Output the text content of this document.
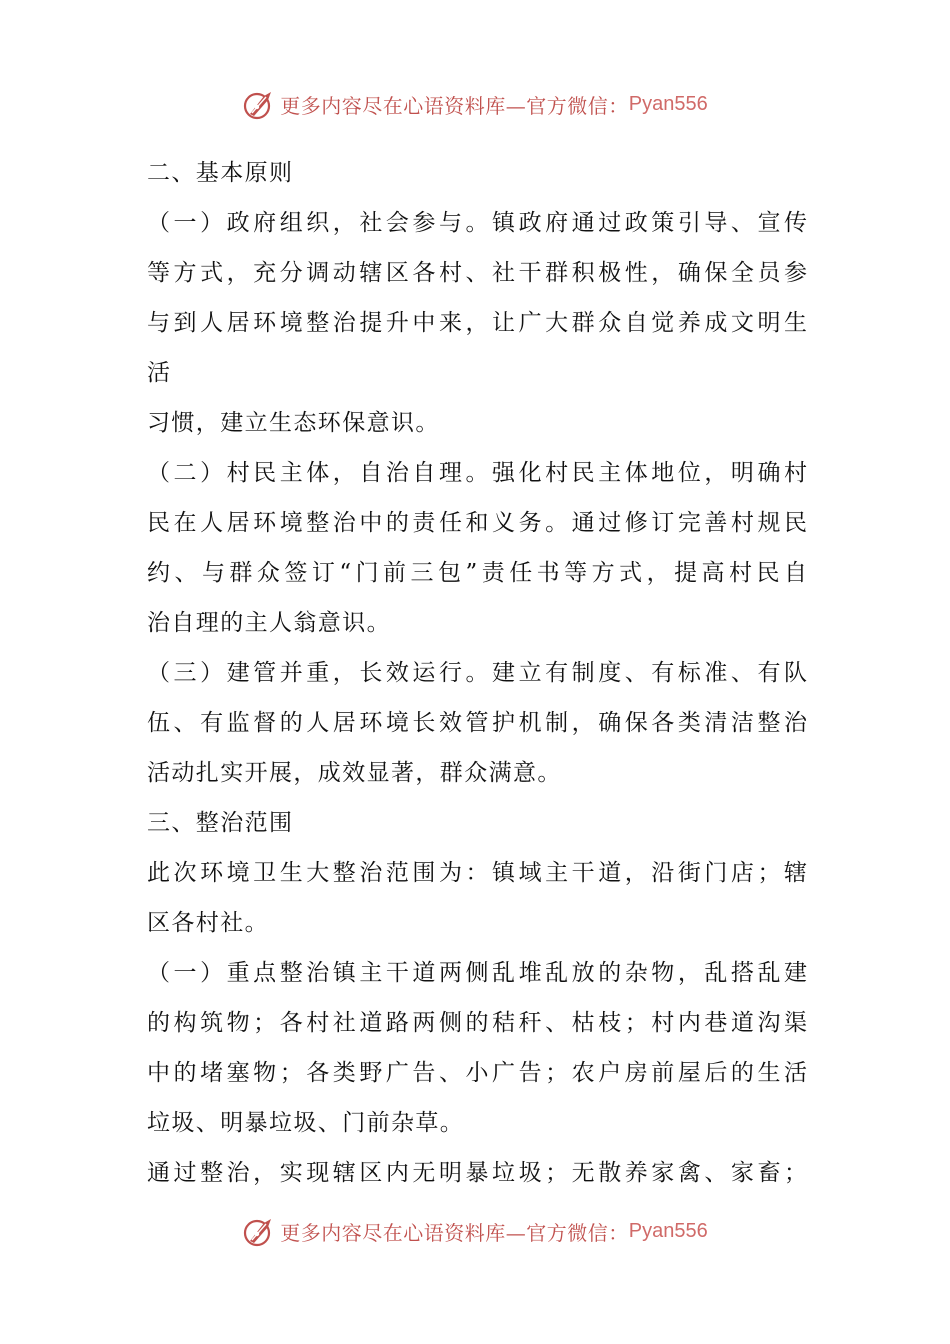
更多内容尽在心语资料库—官方微信： Pyan556
二、基本原则
（一）政府组织，社会参与。镇政府通过政策引导、宣传
等方式，充分调动辖区各村、社干群积极性，确保全员参
与到人居环境整治提升中来，让广大群众自觉养成文明生
活
习惯，建立生态环保意识。
（二）村民主体，自治自理。强化村民主体地位，明确村
民在人居环境整治中的责任和义务。通过修订完善村规民
约、与群众签订“门前三包”责任书等方式，提高村民自
治自理的主人翁意识。
（三）建管并重，长效运行。建立有制度、有标准、有队
伍、有监督的人居环境长效管护机制，确保各类清洁整治
活动扎实开展，成效显著，群众满意。
三、整治范围
此次环境卫生大整治范围为：镇域主干道，沿街门店；辖
区各村社。
（一）重点整治镇主干道两侧乱堆乱放的杂物，乱搭乱建
的构筑物；各村社道路两侧的秸秆、枯枝；村内巷道沟渠
中的堵塞物；各类野广告、小广告；农户房前屋后的生活
垃圾、明暴垃圾、门前杂草。
通过整治，实现辖区内无明暴垃圾；无散养家禽、家畜；
更多内容尽在心语资料库—官方微信： Pyan556
